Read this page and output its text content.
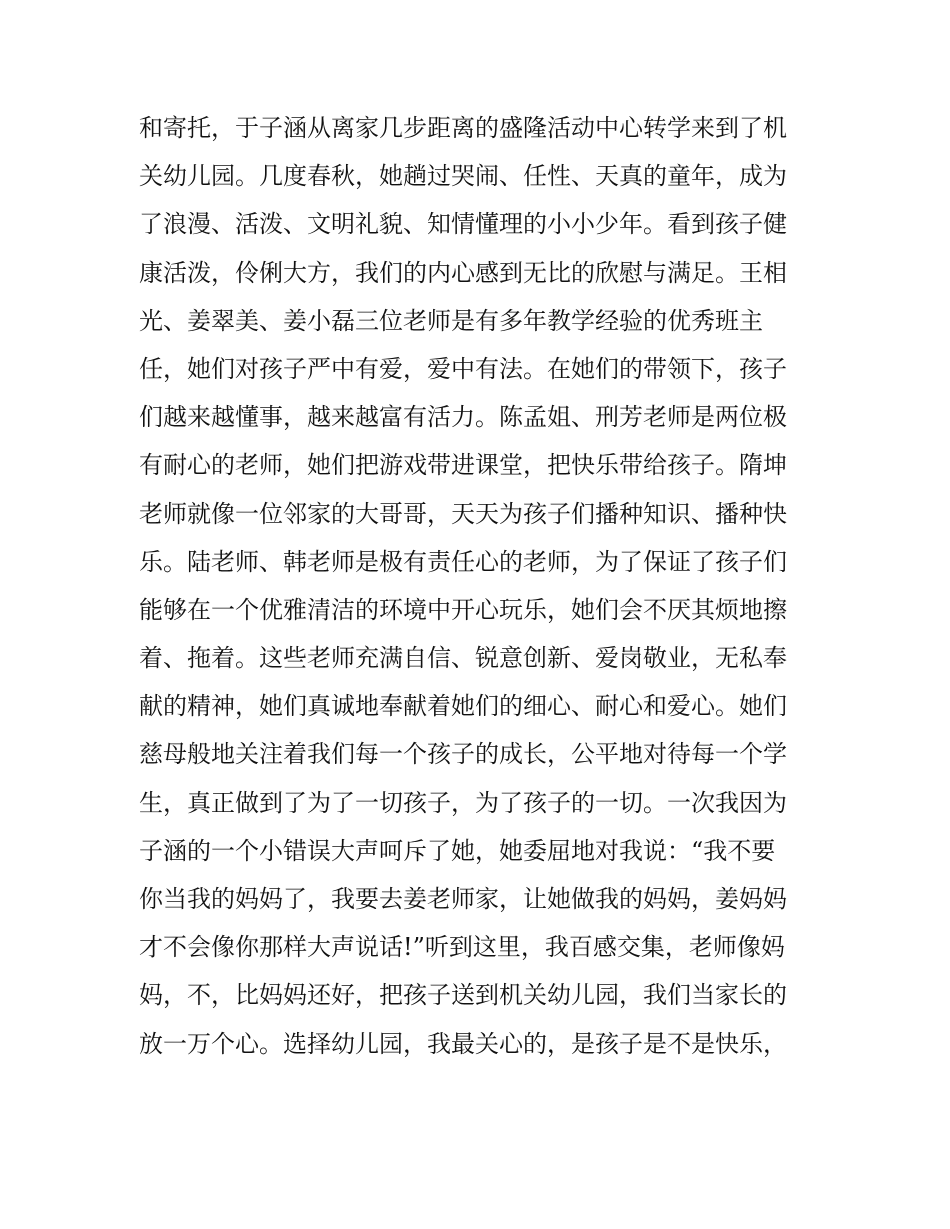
和寄托，于子涵从离家几步距离的盛隆活动中心转学来到了机
关幼儿园。几度春秋，她趟过哭闹、任性、天真的童年，成为
了浪漫、活泼、文明礼貌、知情懂理的小小少年。看到孩子健
康活泼，伶俐大方，我们的内心感到无比的欣慰与满足。王相
光、姜翠美、姜小磊三位老师是有多年教学经验的优秀班主
任，她们对孩子严中有爱，爱中有法。在她们的带领下，孩子
们越来越懂事，越来越富有活力。陈孟姐、刑芳老师是两位极
有耐心的老师，她们把游戏带进课堂，把快乐带给孩子。隋坤
老师就像一位邻家的大哥哥，天天为孩子们播种知识、播种快
乐。陆老师、韩老师是极有责任心的老师，为了保证了孩子们
能够在一个优雅清洁的环境中开心玩乐，她们会不厌其烦地擦
着、拖着。这些老师充满自信、锐意创新、爱岗敬业，无私奉
献的精神，她们真诚地奉献着她们的细心、耐心和爱心。她们
慈母般地关注着我们每一个孩子的成长，公平地对待每一个学
生，真正做到了为了一切孩子，为了孩子的一切。一次我因为
子涵的一个小错误大声呵斥了她，她委屈地对我说：“我不要
你当我的妈妈了，我要去姜老师家，让她做我的妈妈，姜妈妈
才不会像你那样大声说话!”听到这里，我百感交集，老师像妈
妈，不，比妈妈还好，把孩子送到机关幼儿园，我们当家长的
放一万个心。选择幼儿园，我最关心的，是孩子是不是快乐，
